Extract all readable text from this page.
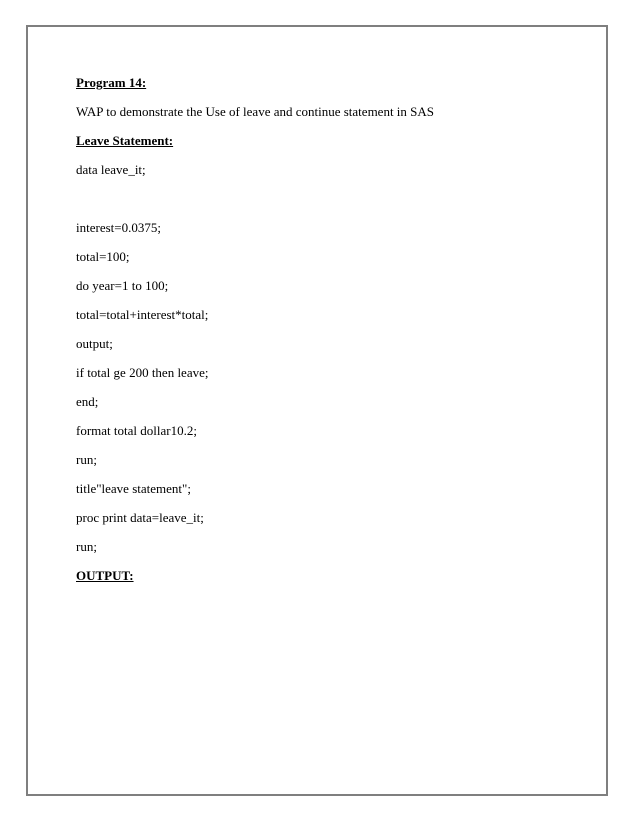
Program 14:
WAP to demonstrate the Use of leave and continue statement in SAS
Leave Statement:
data leave_it;
interest=0.0375;
total=100;
do year=1 to 100;
total=total+interest*total;
output;
if total ge 200 then leave;
end;
format total dollar10.2;
run;
title"leave statement";
proc print data=leave_it;
run;
OUTPUT:
